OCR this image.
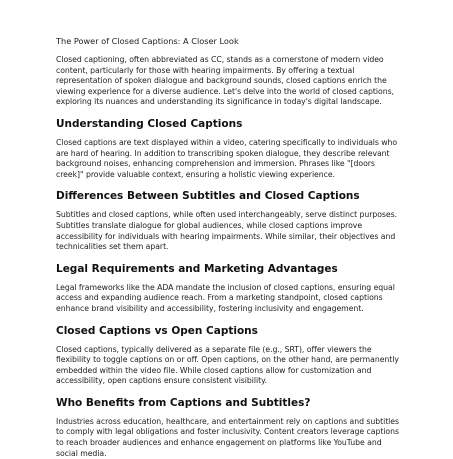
The Power of Closed Captions: A Closer Look

Closed captioning, often abbreviated as CC, stands as a cornerstone of modern video content, particularly for those with hearing impairments. By offering a textual representation of spoken dialogue and background sounds, closed captions enrich the viewing experience for a diverse audience. Let's delve into the world of closed captions, exploring its nuances and understanding its significance in today's digital landscape.

Understanding Closed Captions

Closed captions are text displayed within a video, catering specifically to individuals who are hard of hearing. In addition to transcribing spoken dialogue, they describe relevant background noises, enhancing comprehension and immersion. Phrases like "[doors creek]" provide valuable context, ensuring a holistic viewing experience.

Differences Between Subtitles and Closed Captions

Subtitles and closed captions, while often used interchangeably, serve distinct purposes. Subtitles translate dialogue for global audiences, while closed captions improve accessibility for individuals with hearing impairments. While similar, their objectives and technicalities set them apart.

Legal Requirements and Marketing Advantages

Legal frameworks like the ADA mandate the inclusion of closed captions, ensuring equal access and expanding audience reach. From a marketing standpoint, closed captions enhance brand visibility and accessibility, fostering inclusivity and engagement.

Closed Captions vs Open Captions

Closed captions, typically delivered as a separate file (e.g., SRT), offer viewers the flexibility to toggle captions on or off. Open captions, on the other hand, are permanently embedded within the video file. While closed captions allow for customization and accessibility, open captions ensure consistent visibility.

Who Benefits from Captions and Subtitles?

Industries across education, healthcare, and entertainment rely on captions and subtitles to comply with legal obligations and foster inclusivity. Content creators leverage captions to reach broader audiences and enhance engagement on platforms like YouTube and social media.
